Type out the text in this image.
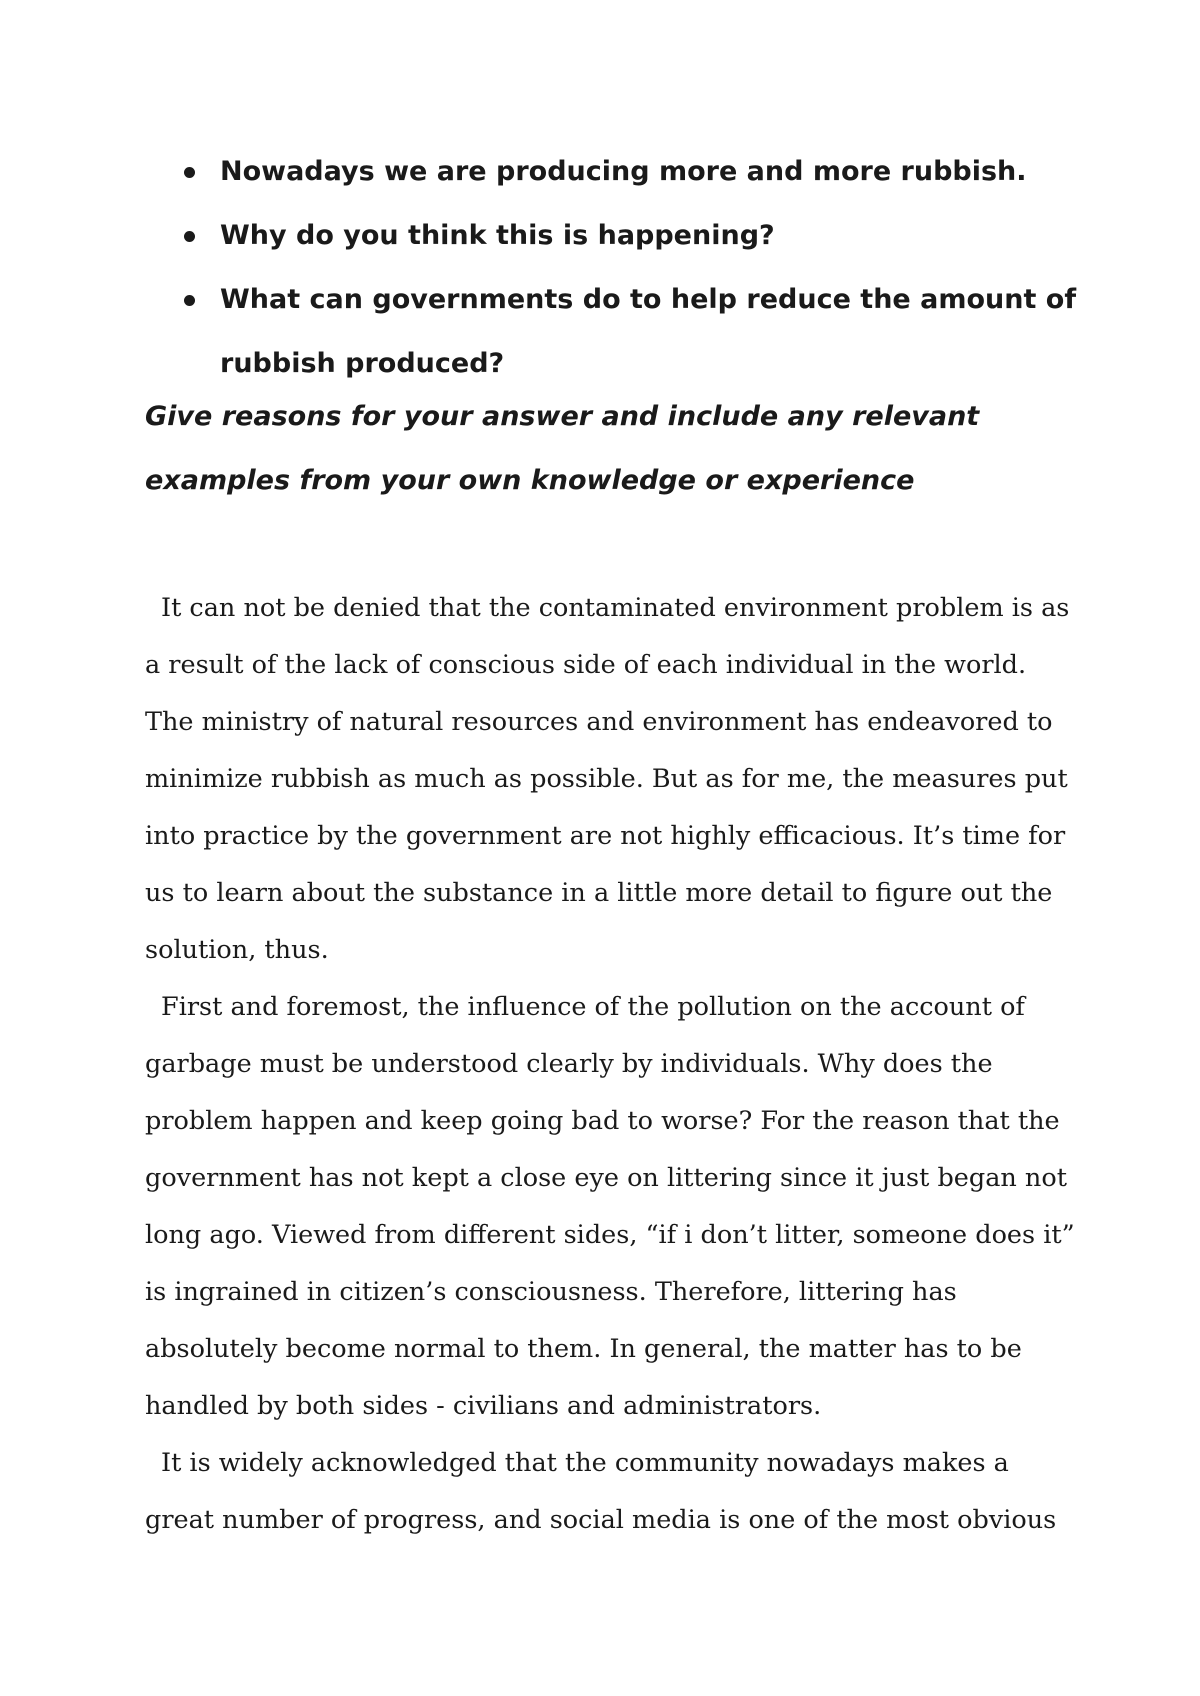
Nowadays we are producing more and more rubbish.
Why do you think this is happening?
What can governments do to help reduce the amount of rubbish produced?

Give reasons for your answer and include any relevant examples from your own knowledge or experience

It can not be denied that the contaminated environment problem is as a result of the lack of conscious side of each individual in the world. The ministry of natural resources and environment has endeavored to minimize rubbish as much as possible. But as for me, the measures put into practice by the government are not highly efficacious. It’s time for us to learn about the substance in a little more detail to figure out the solution, thus.

First and foremost, the influence of the pollution on the account of garbage must be understood clearly by individuals. Why does the problem happen and keep going bad to worse? For the reason that the government has not kept a close eye on littering since it just began not long ago. Viewed from different sides, “if i don’t litter, someone does it” is ingrained in citizen’s consciousness. Therefore, littering has absolutely become normal to them. In general, the matter has to be handled by both sides - civilians and administrators.

It is widely acknowledged that the community nowadays makes a great number of progress, and social media is one of the most obvious
